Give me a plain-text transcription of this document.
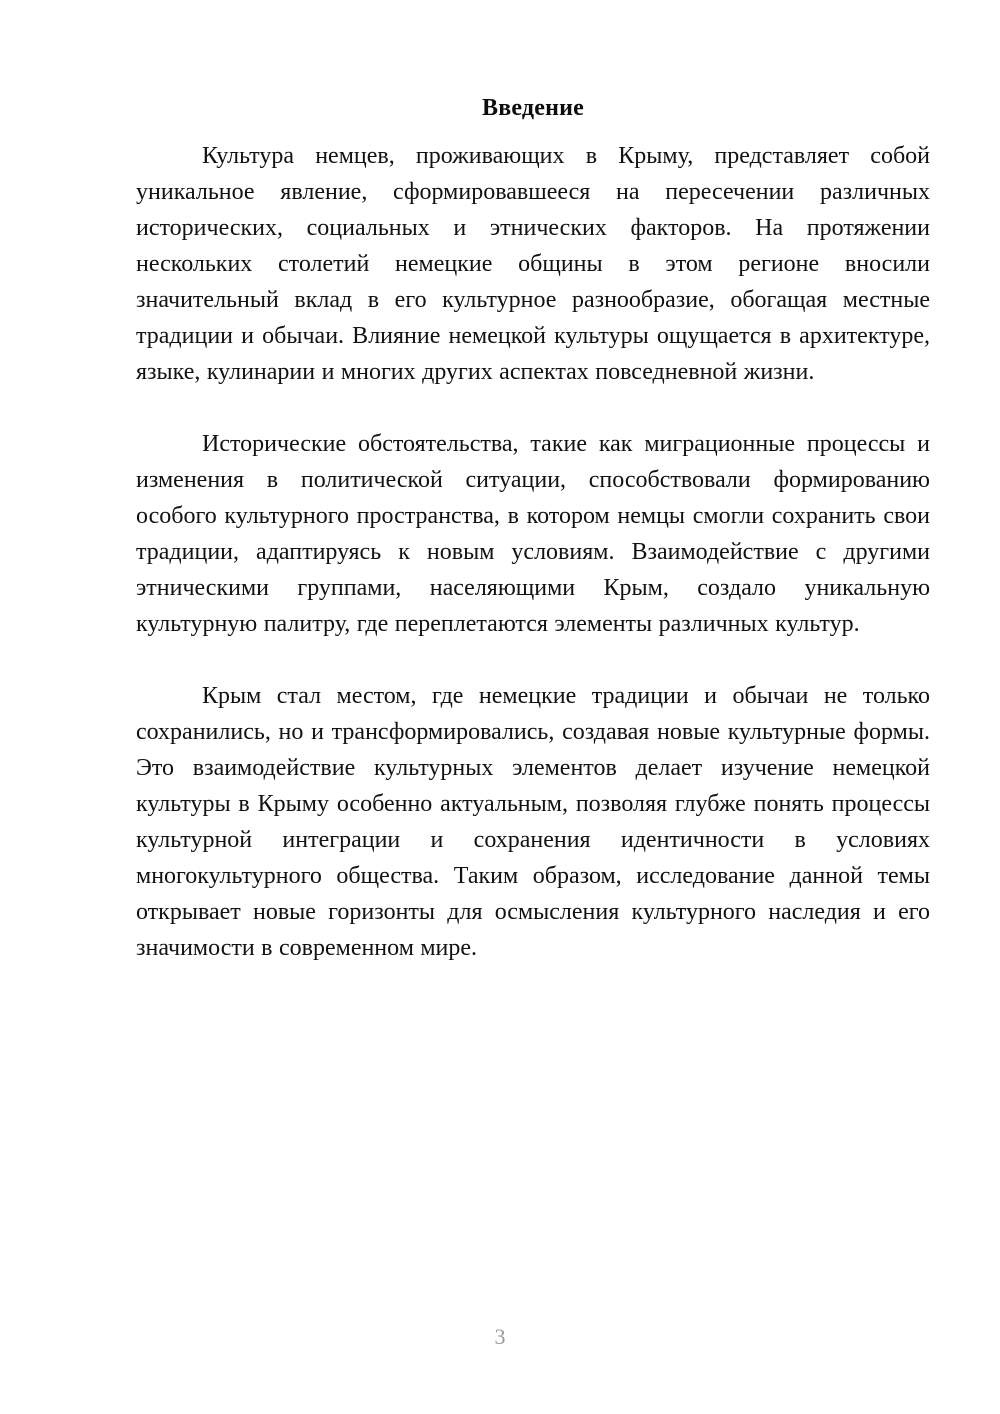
Введение

Культура немцев, проживающих в Крыму, представляет собой уникальное явление, сформировавшееся на пересечении различных исторических, социальных и этнических факторов. На протяжении нескольких столетий немецкие общины в этом регионе вносили значительный вклад в его культурное разнообразие, обогащая местные традиции и обычаи. Влияние немецкой культуры ощущается в архитектуре, языке, кулинарии и многих других аспектах повседневной жизни.

Исторические обстоятельства, такие как миграционные процессы и изменения в политической ситуации, способствовали формированию особого культурного пространства, в котором немцы смогли сохранить свои традиции, адаптируясь к новым условиям. Взаимодействие с другими этническими группами, населяющими Крым, создало уникальную культурную палитру, где переплетаются элементы различных культур.

Крым стал местом, где немецкие традиции и обычаи не только сохранились, но и трансформировались, создавая новые культурные формы. Это взаимодействие культурных элементов делает изучение немецкой культуры в Крыму особенно актуальным, позволяя глубже понять процессы культурной интеграции и сохранения идентичности в условиях многокультурного общества. Таким образом, исследование данной темы открывает новые горизонты для осмысления культурного наследия и его значимости в современном мире.

3
